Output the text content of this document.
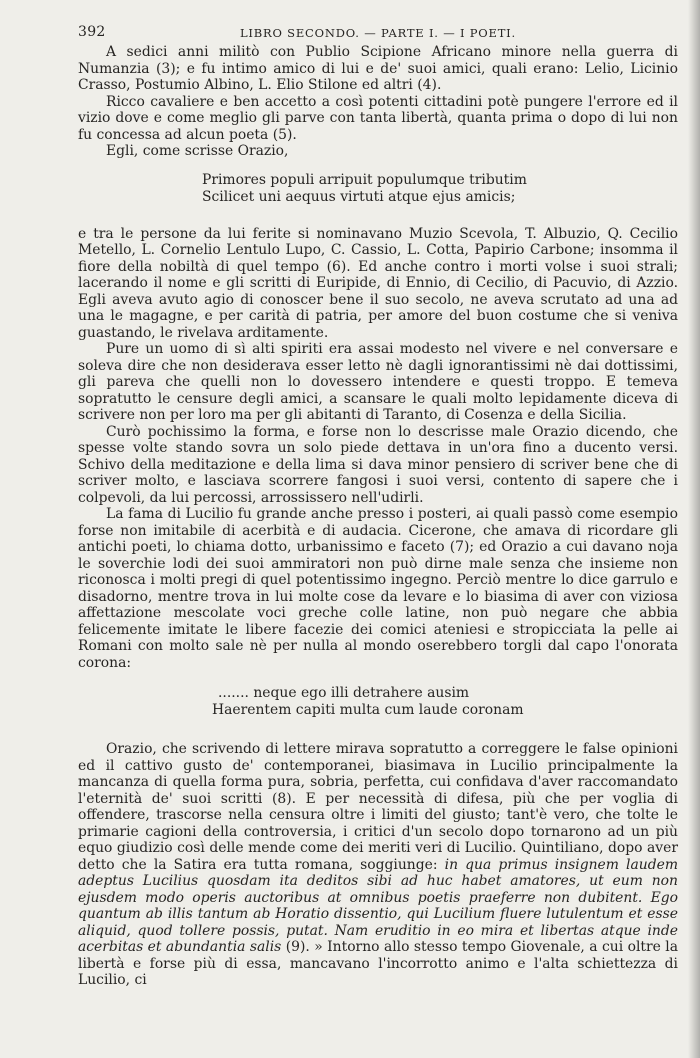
392	LIBRO SECONDO. — PARTE I. — I POETI.

A sedici anni militò con Publio Scipione Africano minore nella guerra di Numanzia (3); e fu intimo amico di lui e de' suoi amici, quali erano: Lelio, Licinio Crasso, Postumio Albino, L. Elio Stilone ed altri (4).

Ricco cavaliere e ben accetto a così potenti cittadini potè pungere l'errore ed il vizio dove e come meglio gli parve con tanta libertà, quanta prima o dopo di lui non fu concessa ad alcun poeta (5).

Egli, come scrisse Orazio,

Primores populi arripuit populumque tributim
Scilicet uni aequus virtuti atque ejus amicis;

e tra le persone da lui ferite si nominavano Muzio Scevola, T. Albuzio, Q. Cecilio Metello, L. Cornelio Lentulo Lupo, C. Cassio, L. Cotta, Papirio Carbone; insomma il fiore della nobiltà di quel tempo (6). Ed anche contro i morti volse i suoi strali; lacerando il nome e gli scritti di Euripide, di Ennio, di Cecilio, di Pacuvio, di Azzio. Egli aveva avuto agio di conoscer bene il suo secolo, ne aveva scrutato ad una ad una le magagne, e per carità di patria, per amore del buon costume che si veniva guastando, le rivelava arditamente.

Pure un uomo di sì alti spiriti era assai modesto nel vivere e nel conversare e soleva dire che non desiderava esser letto nè dagli ignorantissimi nè dai dottissimi, gli pareva che quelli non lo dovessero intendere e questi troppo. E temeva sopratutto le censure degli amici, a scansare le quali molto lepidamente diceva di scrivere non per loro ma per gli abitanti di Taranto, di Cosenza e della Sicilia.

Curò pochissimo la forma, e forse non lo descrisse male Orazio dicendo, che spesse volte stando sovra un solo piede dettava in un'ora fino a ducento versi. Schivo della meditazione e della lima si dava minor pensiero di scriver bene che di scriver molto, e lasciava scorrere fangosi i suoi versi, contento di sapere che i colpevoli, da lui percossi, arrossissero nell'udirli.

La fama di Lucilio fu grande anche presso i posteri, ai quali passò come esempio forse non imitabile di acerbità e di audacia. Cicerone, che amava di ricordare gli antichi poeti, lo chiama dotto, urbanissimo e faceto (7); ed Orazio a cui davano noja le soverchie lodi dei suoi ammiratori non può dirne male senza che insieme non riconosca i molti pregi di quel potentissimo ingegno. Perciò mentre lo dice garrulo e disadorno, mentre trova in lui molte cose da levare e lo biasima di aver con viziosa affettazione mescolate voci greche colle latine, non può negare che abbia felicemente imitate le libere facezie dei comici ateniesi e stropicciata la pelle ai Romani con molto sale nè per nulla al mondo oserebbero torgli dal capo l'onorata corona:

....... neque ego illi detrahere ausim
Haerentem capiti multa cum laude coronam

Orazio, che scrivendo di lettere mirava sopratutto a correggere le false opinioni ed il cattivo gusto de' contemporanei, biasimava in Lucilio principalmente la mancanza di quella forma pura, sobria, perfetta, cui confidava d'aver raccomandato l'eternità de' suoi scritti (8). E per necessità di difesa, più che per voglia di offendere, trascorse nella censura oltre i limiti del giusto; tant'è vero, che tolte le primarie cagioni della controversia, i critici d'un secolo dopo tornarono ad un più equo giudizio così delle mende come dei meriti veri di Lucilio. Quintiliano, dopo aver detto che la Satira era tutta romana, soggiunge: in qua primus insignem laudem adeptus Lucilius quosdam ita deditos sibi ad huc habet amatores, ut eum non ejusdem modo operis auctoribus at omnibus poetis praeferre non dubitent. Ego quantum ab illis tantum ab Horatio dissentio, qui Lucilium fluere lutulentum et esse aliquid, quod tollere possis, putat. Nam eruditio in eo mira et libertas atque inde acerbitas et abundantia salis (9). » Intorno allo stesso tempo Giovenale, a cui oltre la libertà e forse più di essa, mancavano l'incorrotto animo e l'alta schiettezza di Lucilio, ci
